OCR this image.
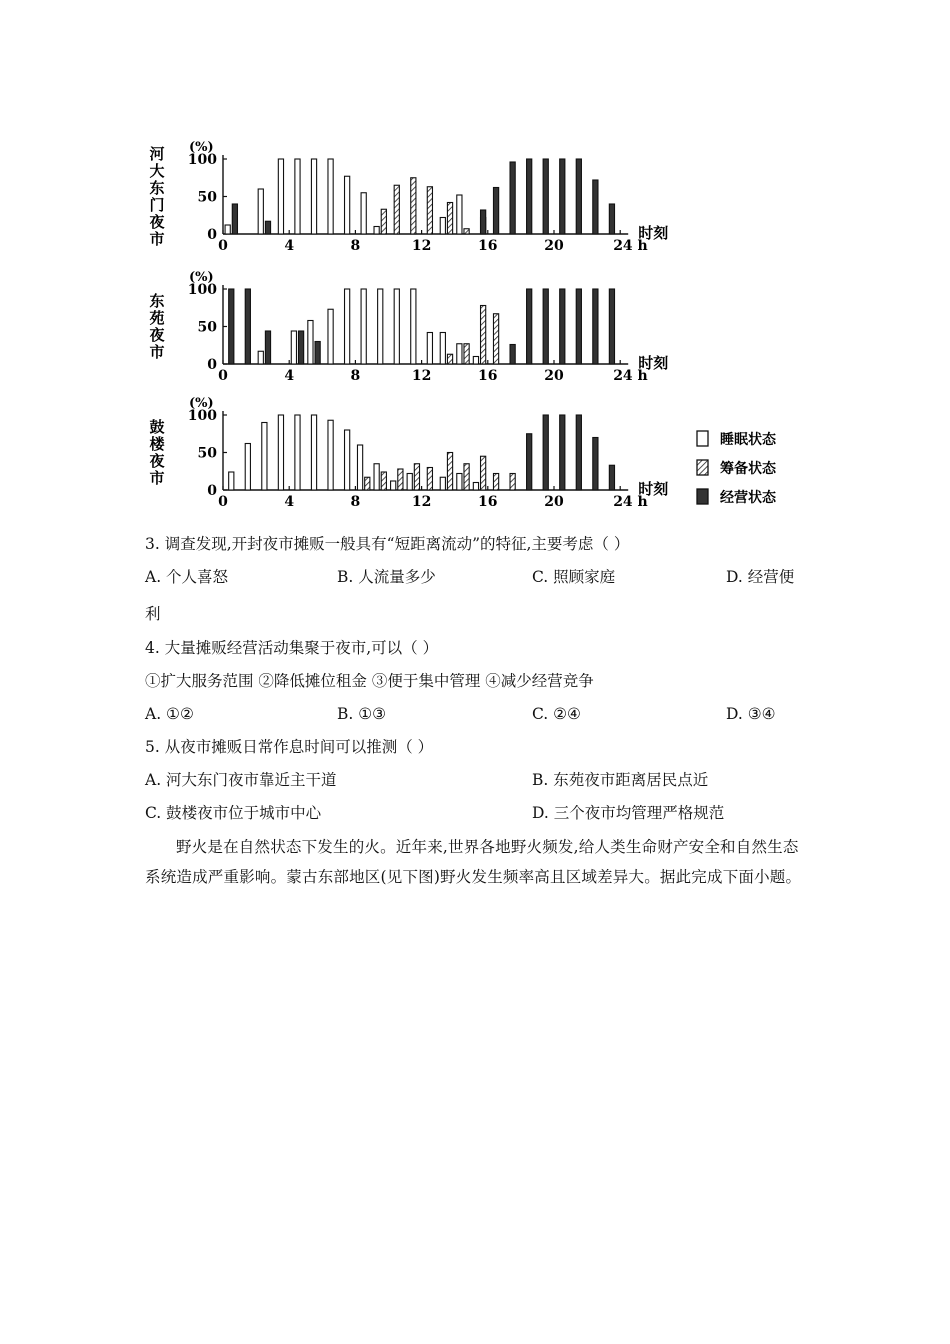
河大东门夜市
(%)
0
50
100
0	4	8	12	16	20	24 h
时刻
东苑夜市
(%)
0
50
100
0	4	8	12	16	20	24 h
时刻
鼓楼夜市
(%)
0
50
100
0	4	8	12	16	20	24 h
时刻
睡眠状态
筹备状态
经营状态
3. 调查发现,开封夜市摊贩一般具有“短距离流动”的特征,主要考虑（ ）
A. 个人喜怒	B. 人流量多少	C. 照顾家庭	D. 经营便
利
4. 大量摊贩经营活动集聚于夜市,可以（ ）
①扩大服务范围 ②降低摊位租金 ③便于集中管理 ④减少经营竞争
A. ①②	B. ①③	C. ②④	D. ③④
5. 从夜市摊贩日常作息时间可以推测（ ）
A. 河大东门夜市靠近主干道	B. 东苑夜市距离居民点近
C. 鼓楼夜市位于城市中心	D. 三个夜市均管理严格规范
野火是在自然状态下发生的火。近年来,世界各地野火频发,给人类生命财产安全和自然生态系统造成严重影响。蒙古东部地区(见下图)野火发生频率高且区域差异大。据此完成下面小题。
